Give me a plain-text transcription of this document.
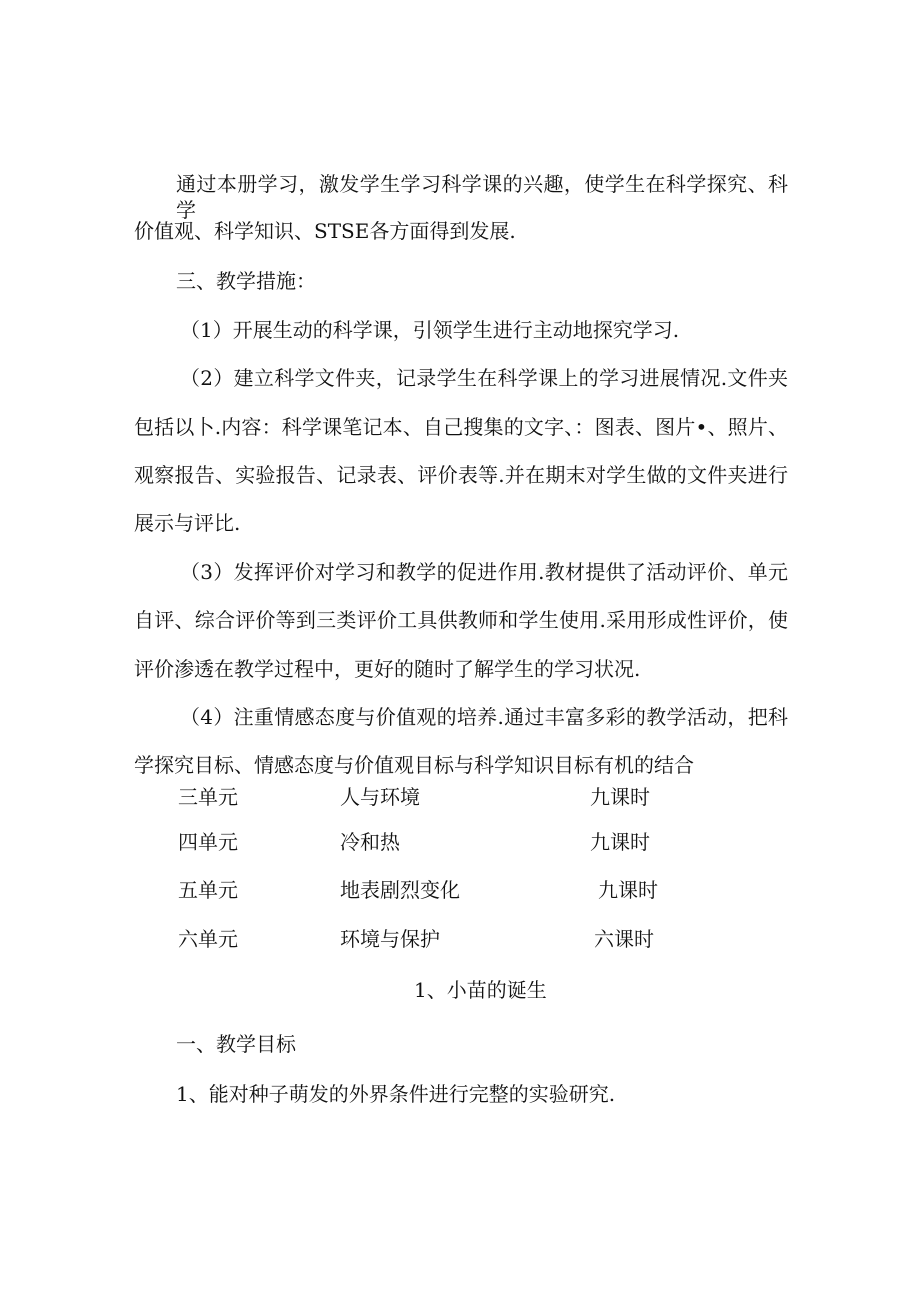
通过本册学习，激发学生学习科学课的兴趣，使学生在科学探究、科学
价值观、科学知识、STSE各方面得到发展.
三、教学措施：
（1）开展生动的科学课，引领学生进行主动地探究学习.
（2）建立科学文件夹，记录学生在科学课上的学习进展情况.文件夹
包括以卜.内容：科学课笔记本、自己搜集的文字、：图表、图片•、照片、
观察报告、实验报告、记录表、评价表等.并在期末对学生做的文件夹进行
展示与评比.
（3）发挥评价对学习和教学的促进作用.教材提供了活动评价、单元
自评、综合评价等到三类评价工具供教师和学生使用.采用形成性评价，使
评价渗透在教学过程中，更好的随时了解学生的学习状况.
（4）注重情感态度与价值观的培养.通过丰富多彩的教学活动，把科
学探究目标、情感态度与价值观目标与科学知识目标有机的结合
三单元	人与环境	九课时
四单元	冷和热	九课时
五单元	地表剧烈变化	九课时
六单元	环境与保护	六课时
1、小苗的诞生
一、教学目标
1、能对种子萌发的外界条件进行完整的实验研究.
